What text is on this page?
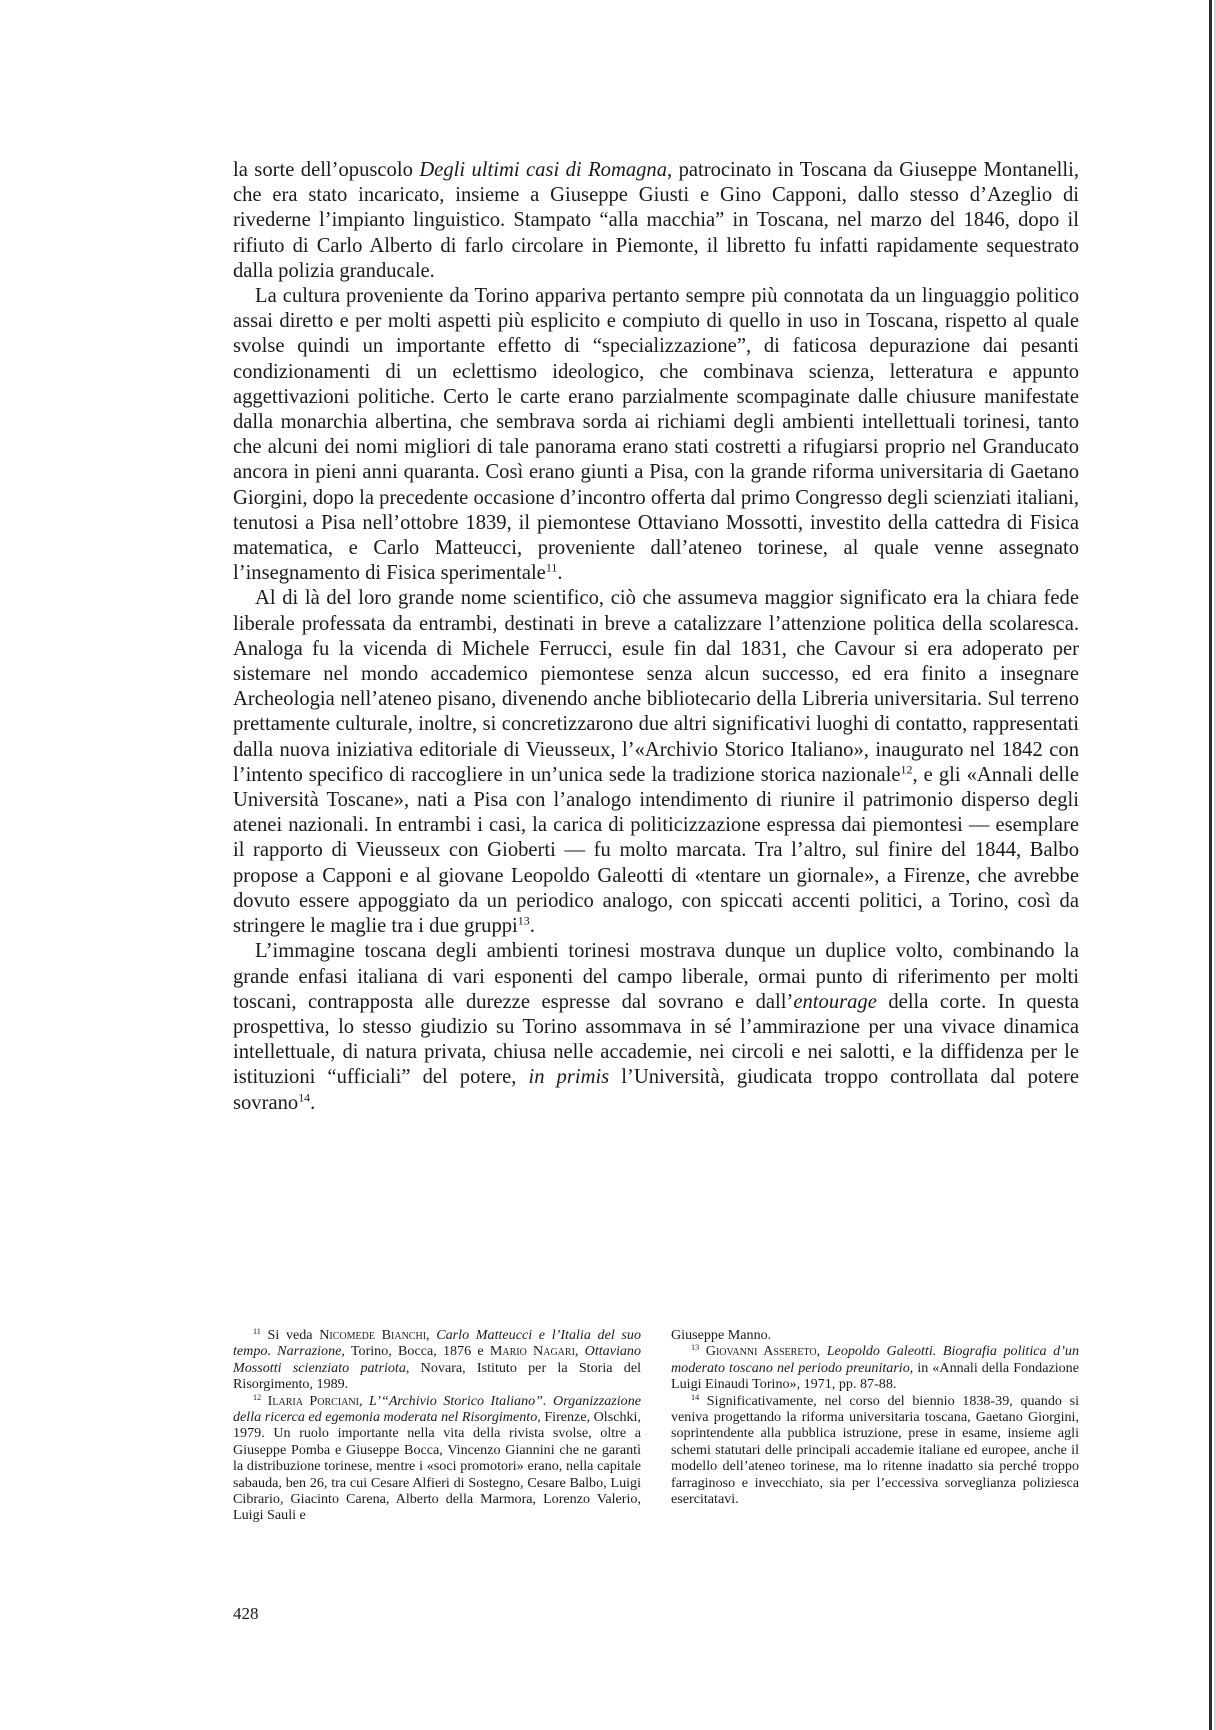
la sorte dell’opuscolo Degli ultimi casi di Romagna, patrocinato in Toscana da Giuseppe Montanelli, che era stato incaricato, insieme a Giuseppe Giusti e Gino Capponi, dallo stesso d’Azeglio di rivederne l’impianto linguistico. Stampato “alla macchia” in Toscana, nel marzo del 1846, dopo il rifiuto di Carlo Alberto di farlo circolare in Piemonte, il libretto fu infatti rapidamente sequestrato dalla polizia granducale.

La cultura proveniente da Torino appariva pertanto sempre più connotata da un linguaggio politico assai diretto e per molti aspetti più esplicito e compiuto di quello in uso in Toscana, rispetto al quale svolse quindi un importante effetto di “specializzazione”, di faticosa depurazione dai pesanti condizionamenti di un eclettismo ideologico, che combinava scienza, letteratura e appunto aggettivazioni politiche. Certo le carte erano parzialmente scompaginate dalle chiusure manifestate dalla monarchia albertina, che sembrava sorda ai richiami degli ambienti intellettuali torinesi, tanto che alcuni dei nomi migliori di tale panorama erano stati costretti a rifugiarsi proprio nel Granducato ancora in pieni anni quaranta. Così erano giunti a Pisa, con la grande riforma universitaria di Gaetano Giorgini, dopo la precedente occasione d’incontro offerta dal primo Congresso degli scienziati italiani, tenutosi a Pisa nell’ottobre 1839, il piemontese Ottaviano Mossotti, investito della cattedra di Fisica matematica, e Carlo Matteucci, proveniente dall’ateneo torinese, al quale venne assegnato l’insegnamento di Fisica sperimentale$^{11}$.

Al di là del loro grande nome scientifico, ciò che assumeva maggior significato era la chiara fede liberale professata da entrambi, destinati in breve a catalizzare l’attenzione politica della scolaresca. Analoga fu la vicenda di Michele Ferrucci, esule fin dal 1831, che Cavour si era adoperato per sistemare nel mondo accademico piemontese senza alcun successo, ed era finito a insegnare Archeologia nell’ateneo pisano, divenendo anche bibliotecario della Libreria universitaria. Sul terreno prettamente culturale, inoltre, si concretizzarono due altri significativi luoghi di contatto, rappresentati dalla nuova iniziativa editoriale di Vieusseux, l’«Archivio Storico Italiano», inaugurato nel 1842 con l’intento specifico di raccogliere in un’unica sede la tradizione storica nazionale$^{12}$, e gli «Annali delle Università Toscane», nati a Pisa con l’analogo intendimento di riunire il patrimonio disperso degli atenei nazionali. In entrambi i casi, la carica di politicizzazione espressa dai piemontesi — esemplare il rapporto di Vieusseux con Gioberti — fu molto marcata. Tra l’altro, sul finire del 1844, Balbo propose a Capponi e al giovane Leopoldo Galeotti di «tentare un giornale», a Firenze, che avrebbe dovuto essere appoggiato da un periodico analogo, con spiccati accenti politici, a Torino, così da stringere le maglie tra i due gruppi$^{13}$.

L’immagine toscana degli ambienti torinesi mostrava dunque un duplice volto, combinando la grande enfasi italiana di vari esponenti del campo liberale, ormai punto di riferimento per molti toscani, contrapposta alle durezze espresse dal sovrano e dall’entourage della corte. In questa prospettiva, lo stesso giudizio su Torino assommava in sé l’ammirazione per una vivace dinamica intellettuale, di natura privata, chiusa nelle accademie, nei circoli e nei salotti, e la diffidenza per le istituzioni “ufficiali” del potere, in primis l’Università, giudicata troppo controllata dal potere sovrano$^{14}$.

$^{11}$ Si veda Nicomede Bianchi, Carlo Matteucci e l’Italia del suo tempo. Narrazione, Torino, Bocca, 1876 e Mario Nagari, Ottaviano Mossotti scienziato patriota, Novara, Istituto per la Storia del Risorgimento, 1989.

$^{12}$ Ilaria Porciani, L’“Archivio Storico Italiano”. Organizzazione della ricerca ed egemonia moderata nel Risorgimento, Firenze, Olschki, 1979. Un ruolo importante nella vita della rivista svolse, oltre a Giuseppe Pomba e Giuseppe Bocca, Vincenzo Giannini che ne garantì la distribuzione torinese, mentre i «soci promotori» erano, nella capitale sabauda, ben 26, tra cui Cesare Alfieri di Sostegno, Cesare Balbo, Luigi Cibrario, Giacinto Carena, Alberto della Marmora, Lorenzo Valerio, Luigi Sauli e

Giuseppe Manno.

$^{13}$ Giovanni Assereto, Leopoldo Galeotti. Biografia politica d’un moderato toscano nel periodo preunitario, in «Annali della Fondazione Luigi Einaudi Torino», 1971, pp. 87-88.

$^{14}$ Significativamente, nel corso del biennio 1838-39, quando si veniva progettando la riforma universitaria toscana, Gaetano Giorgini, soprintendente alla pubblica istruzione, prese in esame, insieme agli schemi statutari delle principali accademie italiane ed europee, anche il modello dell’ateneo torinese, ma lo ritenne inadatto sia perché troppo farraginoso e invecchiato, sia per l’eccessiva sorveglianza poliziesca esercitatavi.

428
